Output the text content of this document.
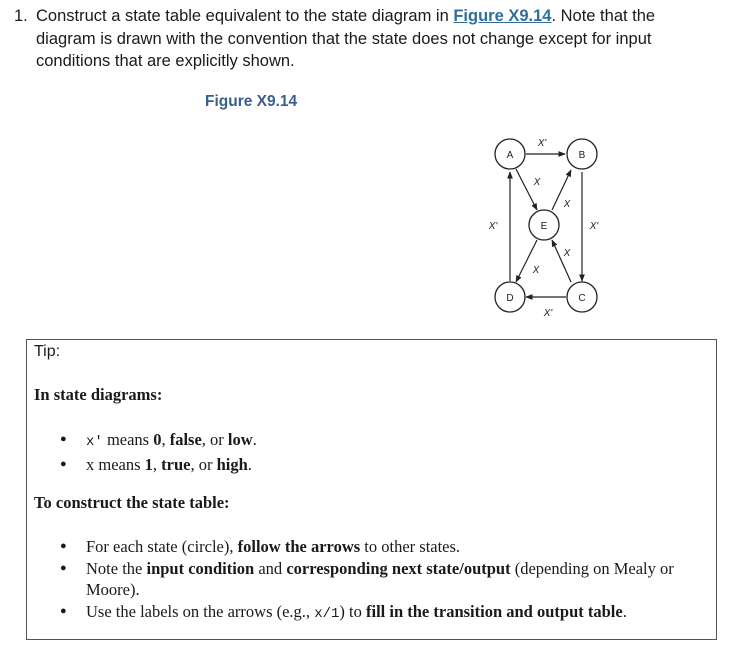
1. Construct a state table equivalent to the state diagram in Figure X9.14. Note that the diagram is drawn with the convention that the state does not change except for input conditions that are explicitly shown.
Figure X9.14
A	B
C
D
E
X'
X
X
X'
X
X'
X
X'
Tip:
In state diagrams:
● x' means 0, false, or low.
● x means 1, true, or high.
To construct the state table:
● For each state (circle), follow the arrows to other states.
● Note the input condition and corresponding next state/output (depending on Mealy or Moore).
● Use the labels on the arrows (e.g., x/1) to fill in the transition and output table.
